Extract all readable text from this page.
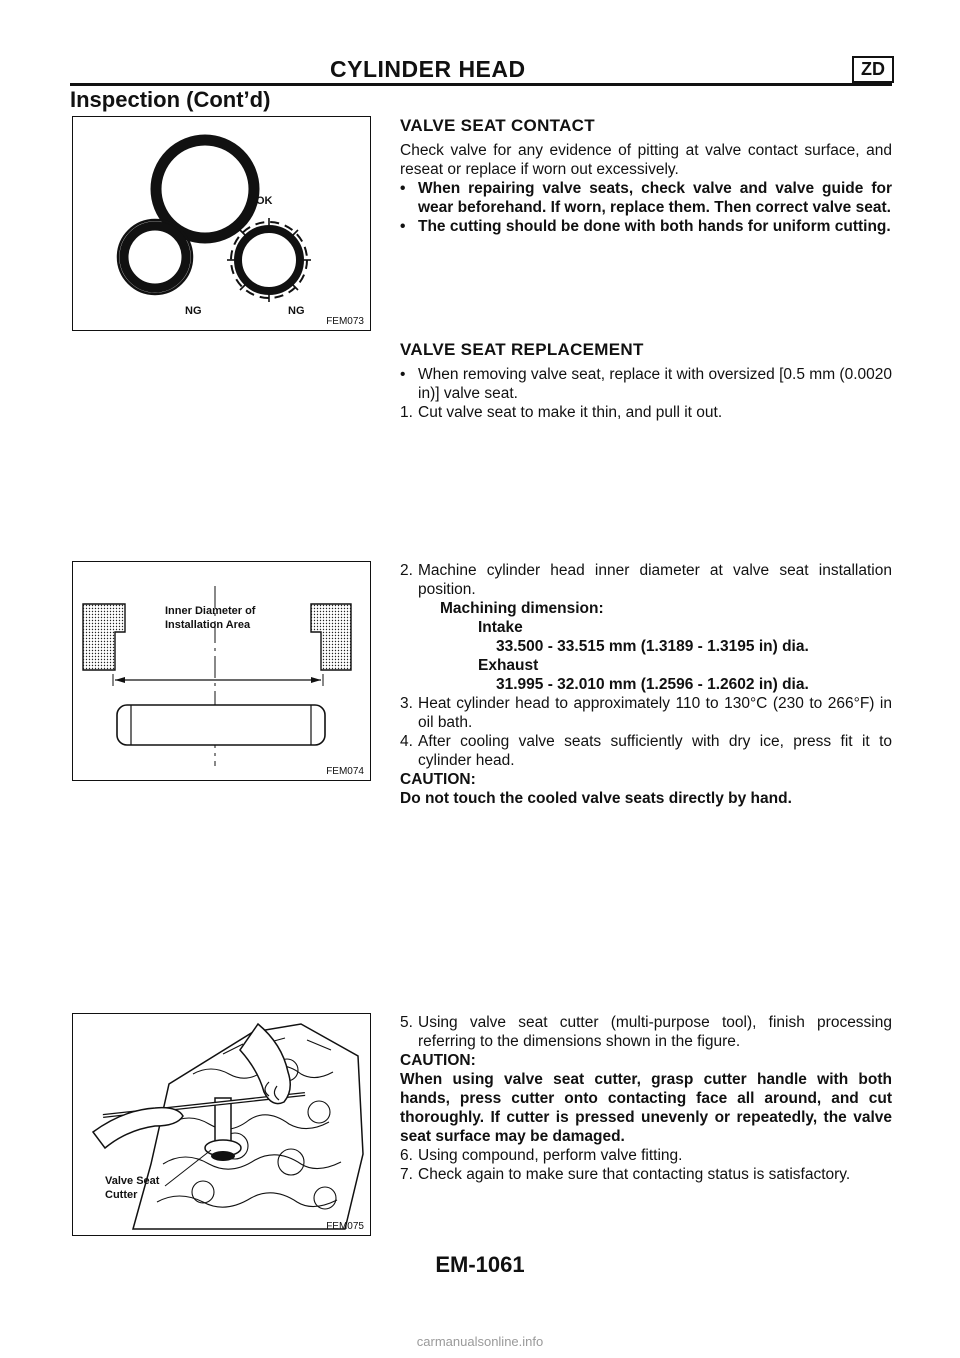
CYLINDER HEAD	ZD
Inspection (Cont’d)
OK
NG	NG
FEM073
Inner Diameter of
Installation Area
FEM074
Valve Seat
Cutter
FEM075
VALVE SEAT CONTACT

Check valve for any evidence of pitting at valve contact surface, and reseat or replace if worn out excessively.

• When repairing valve seats, check valve and valve guide for wear beforehand. If worn, replace them. Then correct valve seat.

• The cutting should be done with both hands for uniform cutting.

VALVE SEAT REPLACEMENT

• When removing valve seat, replace it with oversized [0.5 mm (0.0020 in)] valve seat.

1. Cut valve seat to make it thin, and pull it out.

2. Machine cylinder head inner diameter at valve seat installation position.

Machining dimension:

Intake

33.500 - 33.515 mm (1.3189 - 1.3195 in) dia.

Exhaust

31.995 - 32.010 mm (1.2596 - 1.2602 in) dia.

3. Heat cylinder head to approximately 110 to 130°C (230 to 266°F) in oil bath.

4. After cooling valve seats sufficiently with dry ice, press fit it to cylinder head.

CAUTION:

Do not touch the cooled valve seats directly by hand.

5. Using valve seat cutter (multi-purpose tool), finish processing referring to the dimensions shown in the figure.

CAUTION:

When using valve seat cutter, grasp cutter handle with both hands, press cutter onto contacting face all around, and cut thoroughly. If cutter is pressed unevenly or repeatedly, the valve seat surface may be damaged.

6. Using compound, perform valve fitting.

7. Check again to make sure that contacting status is satisfactory.

EM-1061
carmanualsonline.info
